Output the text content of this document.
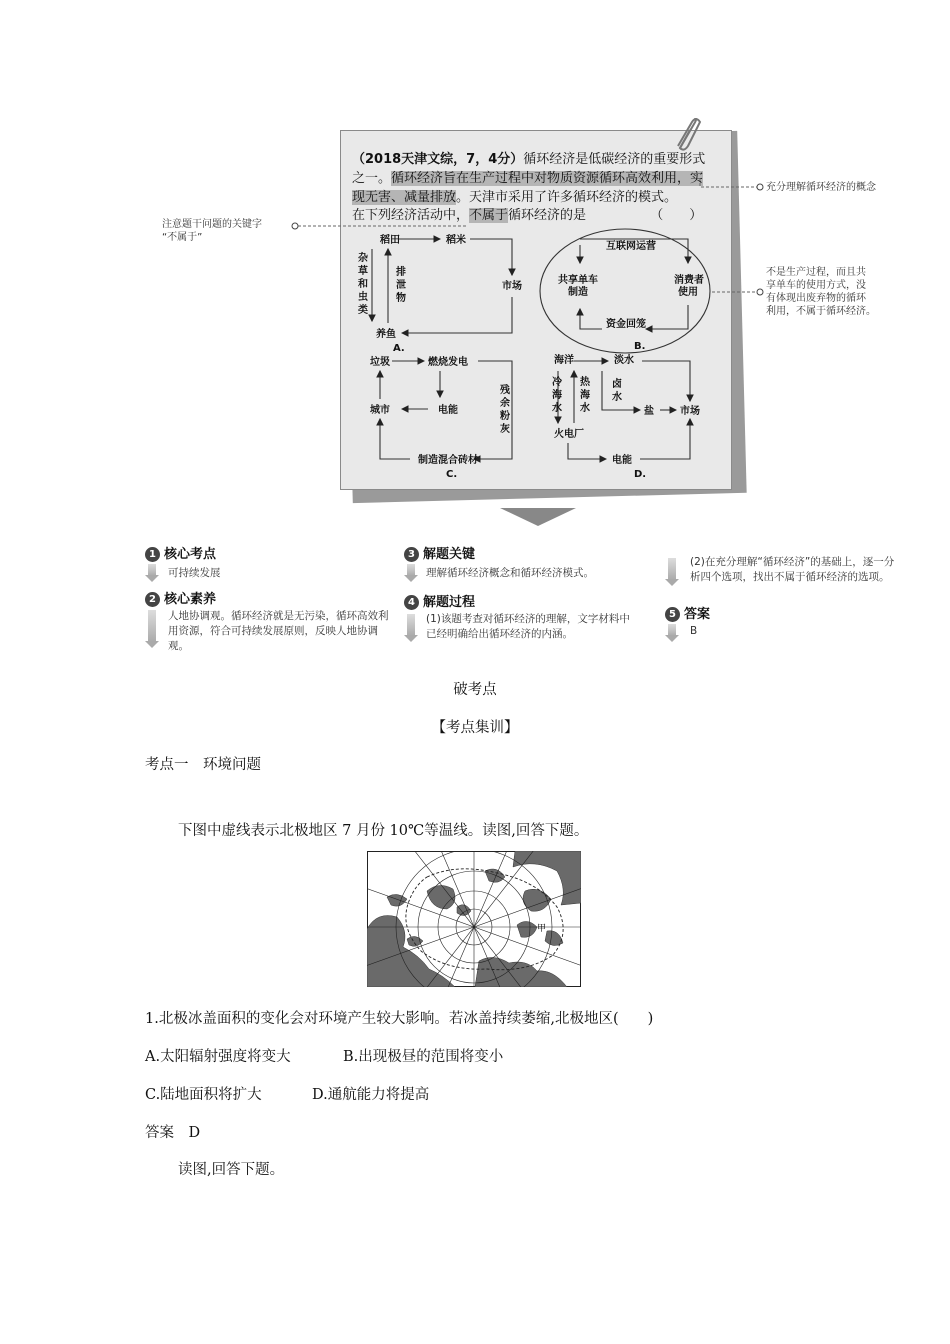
（2018天津文综，7，4分）循环经济是低碳经济的重要形式
之一。循环经济旨在生产过程中对物质资源循环高效利用，实
现无害、减量排放。天津市采用了许多循环经济的模式。
在下列经济活动中，不属于循环经济的是	（　　）
充分理解循环经济的概念
注意题干问题的关键字
“不属于”
不是生产过程，而且共
享单车的使用方式，没
有体现出废弃物的循环
利用，不属于循环经济。
稻田	稻米
市场
养鱼
A.
杂
草
和
虫
类
排
泄
物
互联网运营
共享单车
制造
消费者
使用
资金回笼
B.
垃圾	燃烧发电
城市	电能
制造混合砖材
C.
残
余
粉
灰
海洋	淡水
冷
海
水
热
海
水
卤
水
盐	市场
火电厂
电能
D.
1 核心考点
可持续发展
2 核心素养
人地协调观。循环经济就是无污染，循环高效利用资源，符合可持续发展原则，反映人地协调观。
3 解题关键
理解循环经济概念和循环经济模式。
4 解题过程
(1)该题考查对循环经济的理解，文字材料中已经明确给出循环经济的内涵。
(2)在充分理解“循环经济”的基础上，逐一分析四个选项，找出不属于循环经济的选项。
5 答案
B
破考点
【考点集训】
考点一　环境问题
下图中虚线表示北极地区 7 月份 10℃等温线。读图,回答下题。
甲
1.北极冰盖面积的变化会对环境产生较大影响。若冰盖持续萎缩,北极地区(　　)
A.太阳辐射强度将变大	B.出现极昼的范围将变小
C.陆地面积将扩大	D.通航能力将提高
答案　D
读图,回答下题。
